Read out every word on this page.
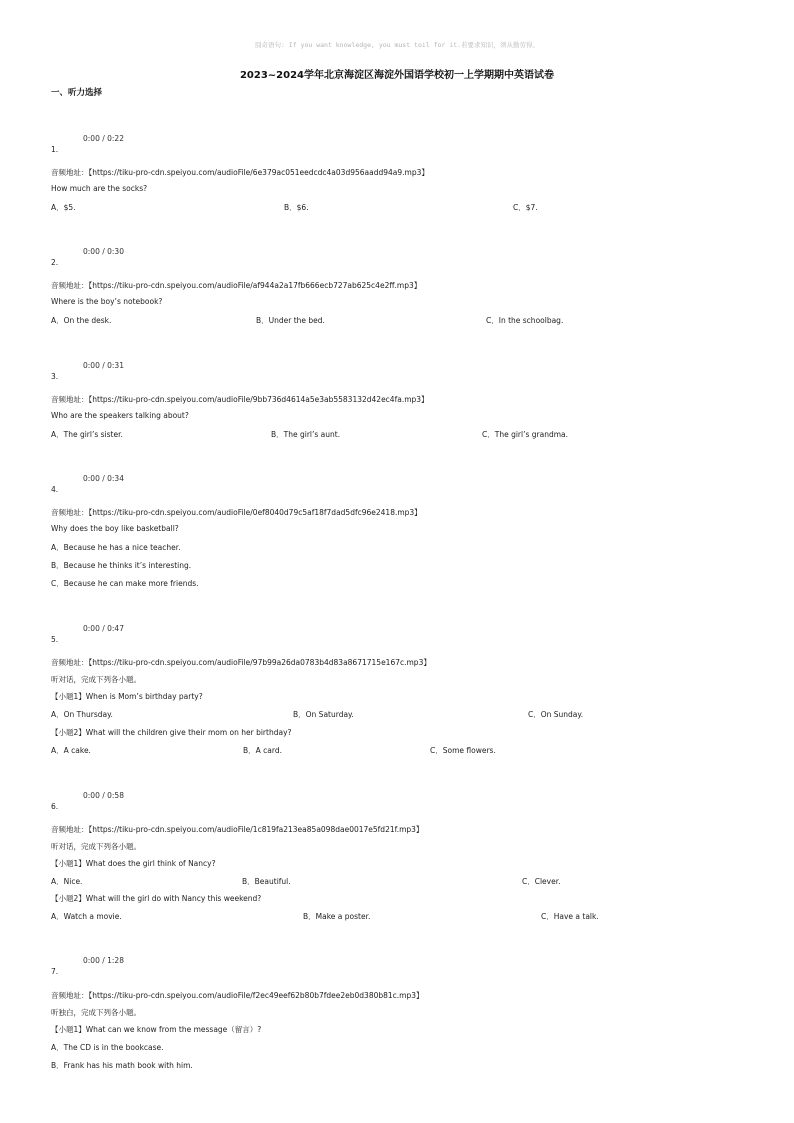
囧奇语句: If you want knowledge, you must toil for it.若要求知识，须从勤劳得。
2023~2024学年北京海淀区海淀外国语学校初一上学期期中英语试卷
一、听力选择
0:00 / 0:22
1.
音频地址：【https://tiku-pro-cdn.speiyou.com/audioFile/6e379ac051eedcdc4a03d956aadd94a9.mp3】
How much are the socks?
A．$5.	B．$6.	C．$7.
0:00 / 0:30
2.
音频地址：【https://tiku-pro-cdn.speiyou.com/audioFile/af944a2a17fb666ecb727ab625c4e2ff.mp3】
Where is the boy’s notebook?
A．On the desk.	B．Under the bed.	C．In the schoolbag.
0:00 / 0:31
3.
音频地址：【https://tiku-pro-cdn.speiyou.com/audioFile/9bb736d4614a5e3ab5583132d42ec4fa.mp3】
Who are the speakers talking about?
A．The girl’s sister.	B．The girl’s aunt.	C．The girl’s grandma.
0:00 / 0:34
4.
音频地址：【https://tiku-pro-cdn.speiyou.com/audioFile/0ef8040d79c5af18f7dad5dfc96e2418.mp3】
Why does the boy like basketball?
A．Because he has a nice teacher.
B．Because he thinks it’s interesting.
C．Because he can make more friends.
0:00 / 0:47
5.
音频地址：【https://tiku-pro-cdn.speiyou.com/audioFile/97b99a26da0783b4d83a8671715e167c.mp3】
听对话，完成下列各小题。
【小题1】When is Mom’s birthday party?
A．On Thursday.	B．On Saturday.	C．On Sunday.
【小题2】What will the children give their mom on her birthday?
A．A cake.	B．A card.	C．Some flowers.
0:00 / 0:58
6.
音频地址：【https://tiku-pro-cdn.speiyou.com/audioFile/1c819fa213ea85a098dae0017e5fd21f.mp3】
听对话，完成下列各小题。
【小题1】What does the girl think of Nancy?
A．Nice.	B．Beautiful.	C．Clever.
【小题2】What will the girl do with Nancy this weekend?
A．Watch a movie.	B．Make a poster.	C．Have a talk.
0:00 / 1:28
7.
音频地址：【https://tiku-pro-cdn.speiyou.com/audioFile/f2ec49eef62b80b7fdee2eb0d380b81c.mp3】
听独白，完成下列各小题。
【小题1】What can we know from the message（留言）?
A．The CD is in the bookcase.
B．Frank has his math book with him.
